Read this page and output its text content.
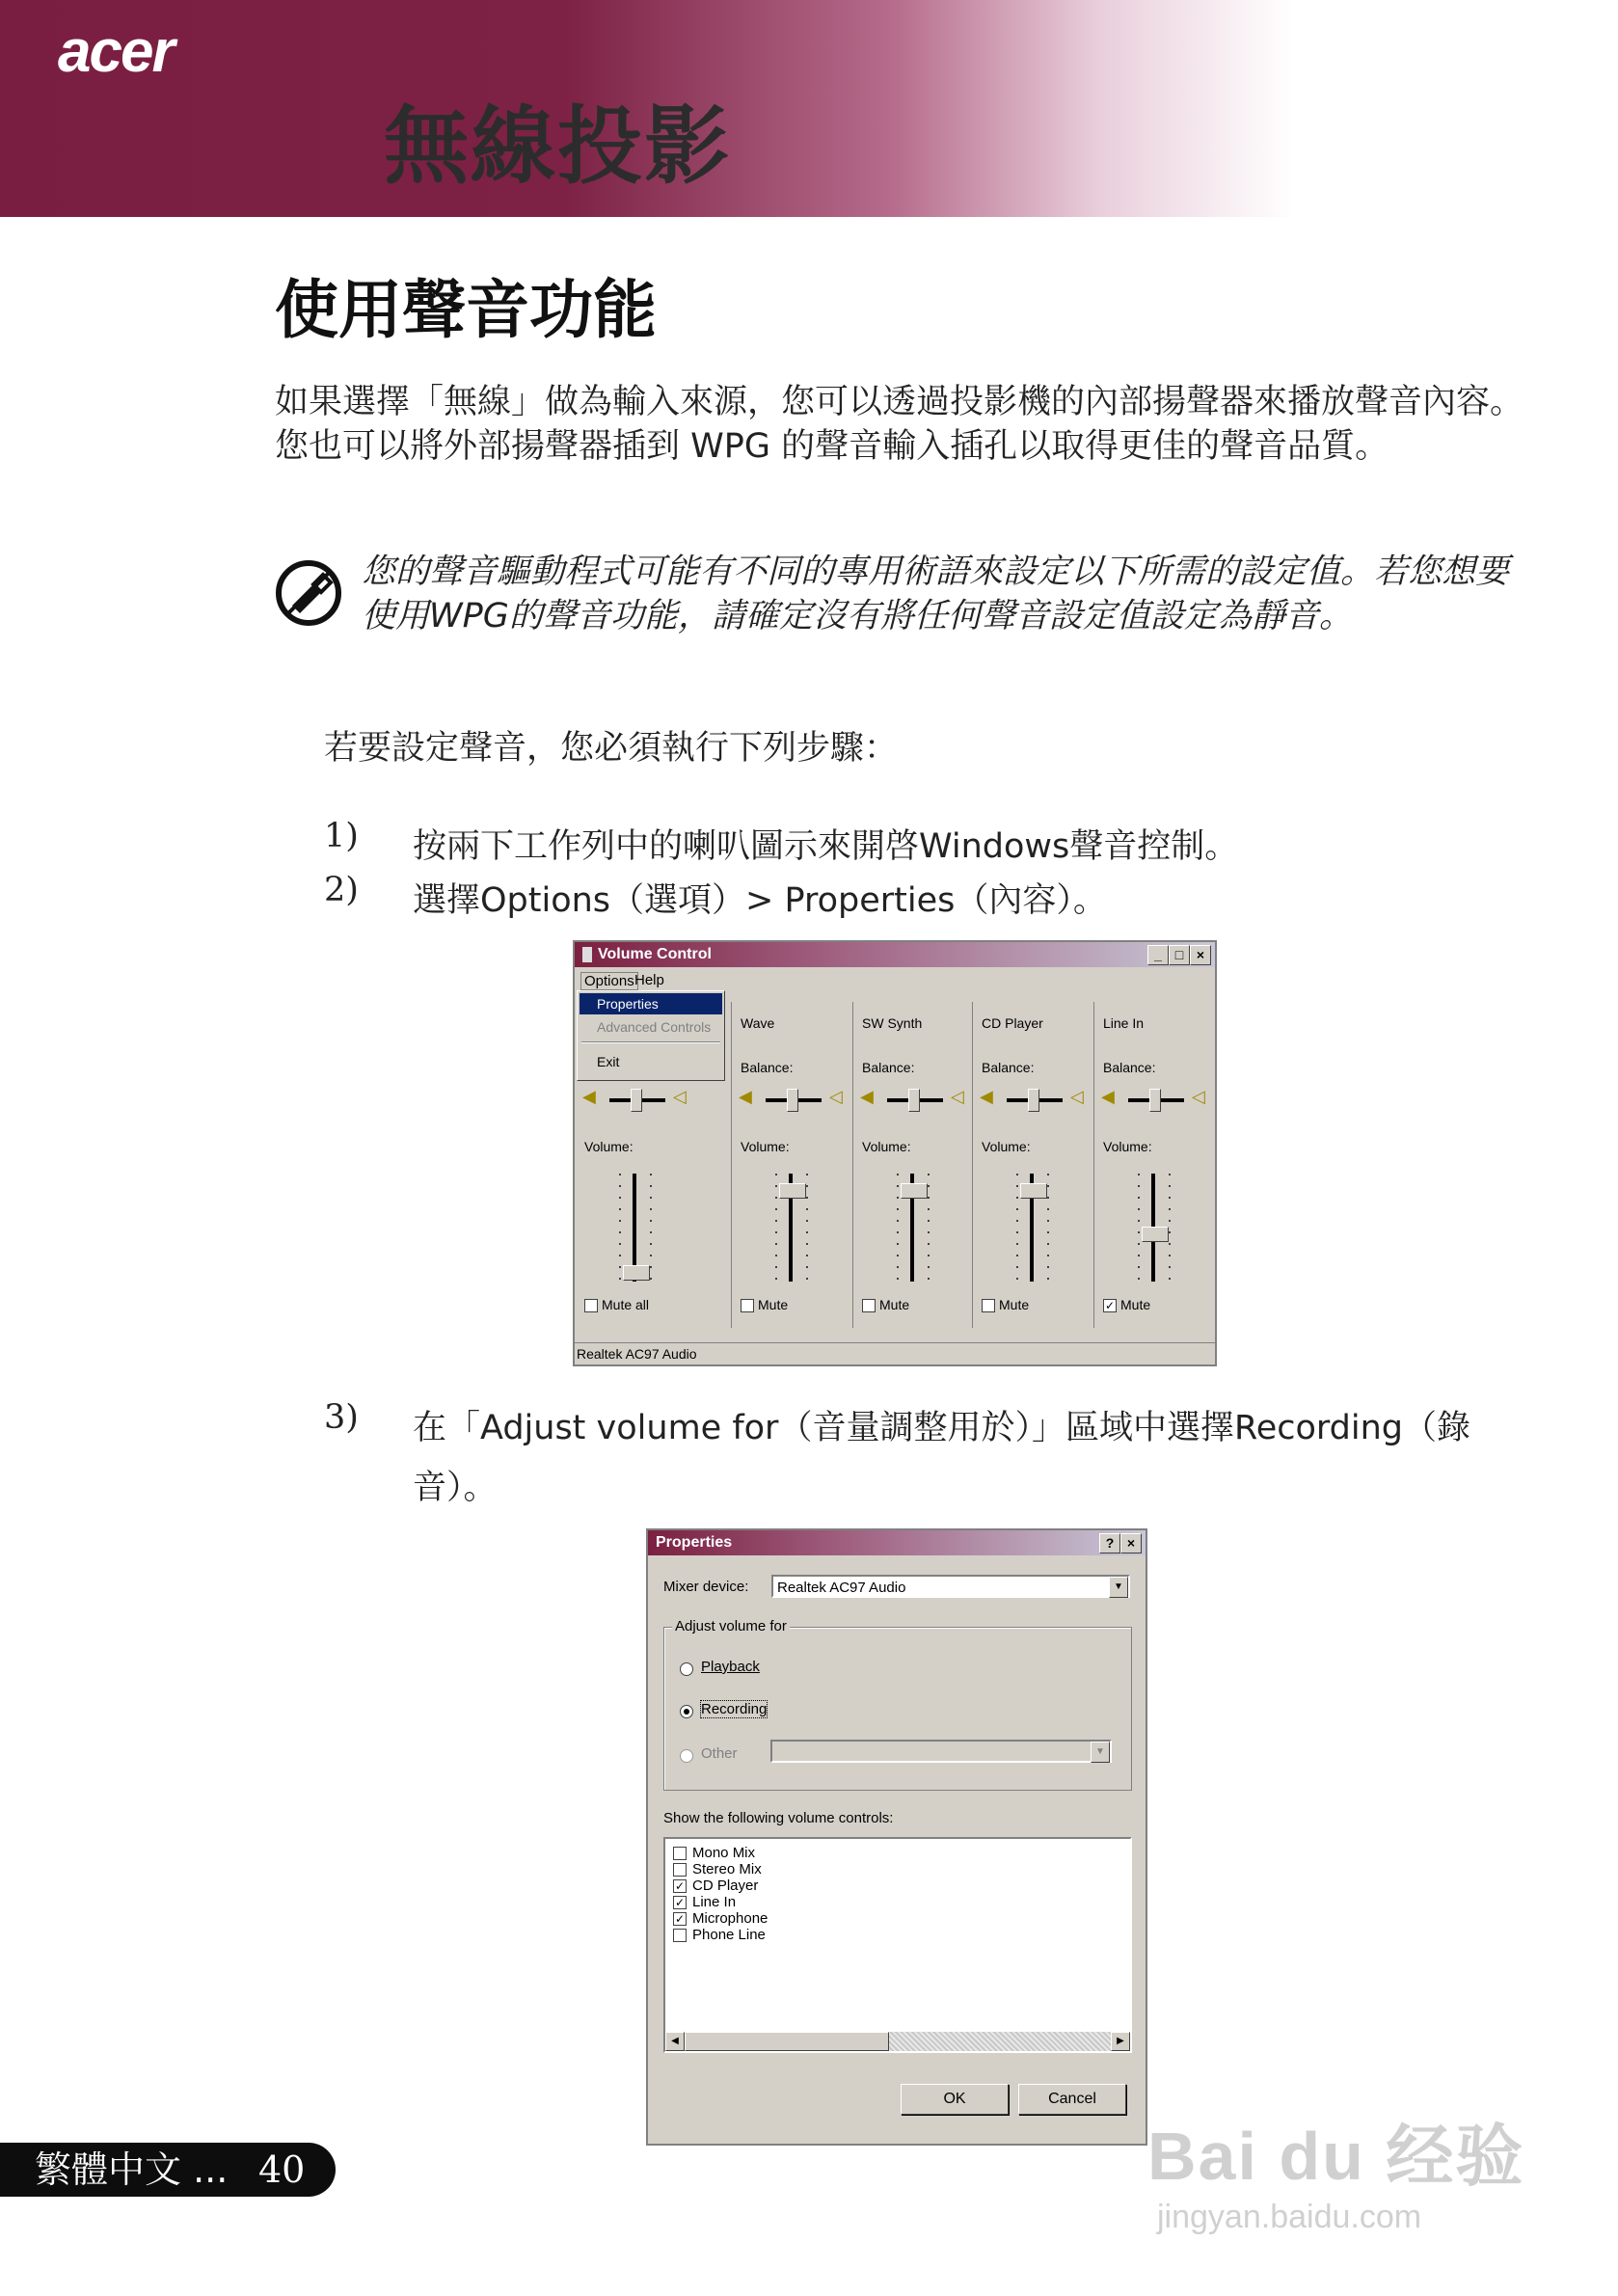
acer
無線投影
使用聲音功能
如果選擇「無線」做為輸入來源，您可以透過投影機的內部揚聲器來播放聲音內容。您也可以將外部揚聲器插到 WPG 的聲音輸入插孔以取得更佳的聲音品質。
您的聲音驅動程式可能有不同的專用術語來設定以下所需的設定值。若您想要使用WPG的聲音功能，請確定沒有將任何聲音設定值設定為靜音。
若要設定聲音，您必須執行下列步驟：
1) 按兩下工作列中的喇叭圖示來開啓Windows聲音控制。
2) 選擇Options（選項）> Properties（內容）。
Volume Control	_ □ ×
Options Help
Properties
Advanced Controls
Exit
◀	◁
Volume:
Mute all
Wave
Balance:
◀	◁
Volume:
Mute
SW Synth
Balance:
◀	◁
Volume:
Mute
CD Player
Balance:
◀	◁
Volume:
Mute
Line In
Balance:
◀	◁
Volume:
✓ Mute
Realtek AC97 Audio
3) 在「Adjust volume for（音量調整用於）」區域中選擇Recording（錄音）。
Properties	? ×
Mixer device:	Realtek AC97 Audio	▼
Adjust volume for
Playback
Recording
Other	▼
Show the following volume controls:
Mono Mix
Stereo Mix
✓ CD Player
✓ Line In
✓ Microphone
Phone Line
◀	▶
OK	Cancel
繁體中文 ... 40	Bai du 经验
jingyan.baidu.com
